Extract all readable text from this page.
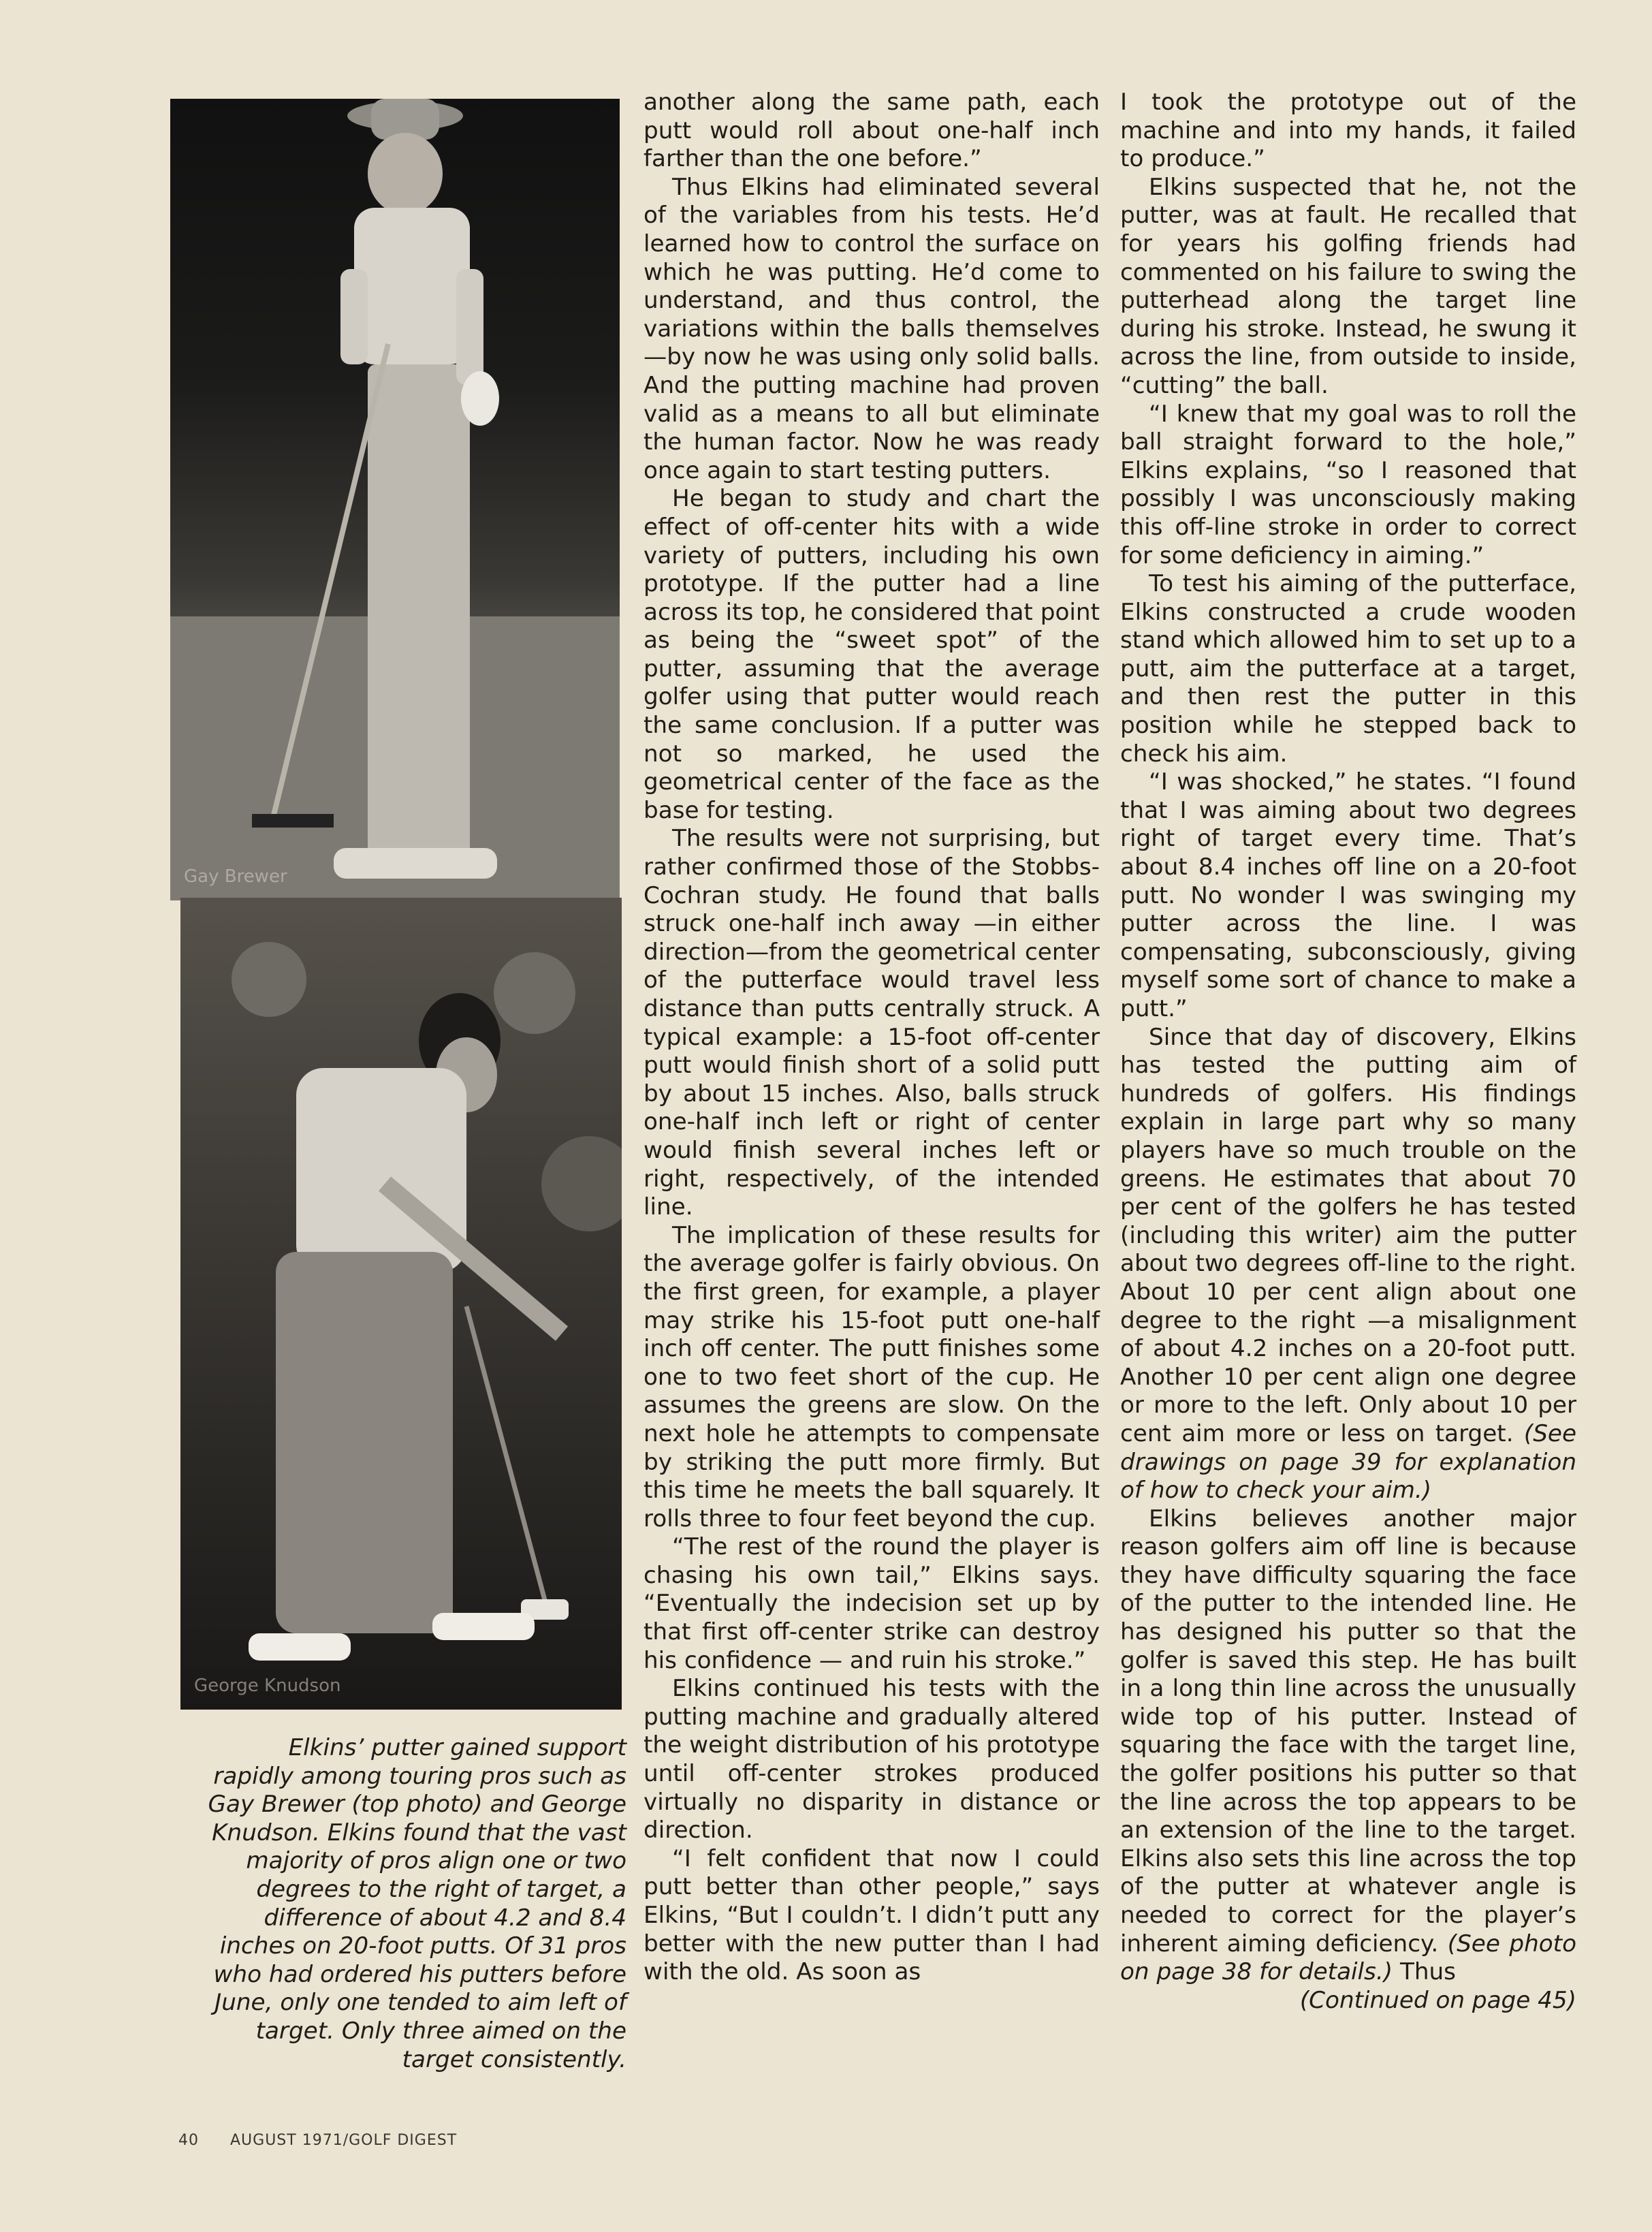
Gay Brewer
George Knudson

another along the same path, each putt would roll about one-half inch farther than the one before.”

Thus Elkins had eliminated several of the variables from his tests. He’d learned how to control the surface on which he was putting. He’d come to understand, and thus control, the variations within the balls themselves—by now he was using only solid balls. And the putting machine had proven valid as a means to all but eliminate the human factor. Now he was ready once again to start testing putters.

He began to study and chart the effect of off-center hits with a wide variety of putters, including his own prototype. If the putter had a line across its top, he considered that point as being the “sweet spot” of the putter, assuming that the average golfer using that putter would reach the same conclusion. If a putter was not so marked, he used the geometrical center of the face as the base for testing.

The results were not surprising, but rather confirmed those of the Stobbs-Cochran study. He found that balls struck one-half inch away —in either direction—from the geometrical center of the putterface would travel less distance than putts centrally struck. A typical example: a 15-foot off-center putt would finish short of a solid putt by about 15 inches. Also, balls struck one-half inch left or right of center would finish several inches left or right, respectively, of the intended line.

The implication of these results for the average golfer is fairly obvious. On the first green, for example, a player may strike his 15-foot putt one-half inch off center. The putt finishes some one to two feet short of the cup. He assumes the greens are slow. On the next hole he attempts to compensate by striking the putt more firmly. But this time he meets the ball squarely. It rolls three to four feet beyond the cup.

“The rest of the round the player is chasing his own tail,” Elkins says. “Eventually the indecision set up by that first off-center strike can destroy his confidence — and ruin his stroke.”

Elkins continued his tests with the putting machine and gradually altered the weight distribution of his prototype until off-center strokes produced virtually no disparity in distance or direction.

“I felt confident that now I could putt better than other people,” says Elkins, “But I couldn’t. I didn’t putt any better with the new putter than I had with the old. As soon as

I took the prototype out of the machine and into my hands, it failed to produce.”

Elkins suspected that he, not the putter, was at fault. He recalled that for years his golfing friends had commented on his failure to swing the putterhead along the target line during his stroke. Instead, he swung it across the line, from outside to inside, “cutting” the ball.

“I knew that my goal was to roll the ball straight forward to the hole,” Elkins explains, “so I reasoned that possibly I was unconsciously making this off-line stroke in order to correct for some deficiency in aiming.”

To test his aiming of the putterface, Elkins constructed a crude wooden stand which allowed him to set up to a putt, aim the putterface at a target, and then rest the putter in this position while he stepped back to check his aim.

“I was shocked,” he states. “I found that I was aiming about two degrees right of target every time. That’s about 8.4 inches off line on a 20-foot putt. No wonder I was swinging my putter across the line. I was compensating, subconsciously, giving myself some sort of chance to make a putt.”

Since that day of discovery, Elkins has tested the putting aim of hundreds of golfers. His findings explain in large part why so many players have so much trouble on the greens. He estimates that about 70 per cent of the golfers he has tested (including this writer) aim the putter about two degrees off-line to the right. About 10 per cent align about one degree to the right —a misalignment of about 4.2 inches on a 20-foot putt. Another 10 per cent align one degree or more to the left. Only about 10 per cent aim more or less on target. (See drawings on page 39 for explanation of how to check your aim.)

Elkins believes another major reason golfers aim off line is because they have difficulty squaring the face of the putter to the intended line. He has designed his putter so that the golfer is saved this step. He has built in a long thin line across the unusually wide top of his putter. Instead of squaring the face with the target line, the golfer positions his putter so that the line across the top appears to be an extension of the line to the target. Elkins also sets this line across the top of the putter at whatever angle is needed to correct for the player’s inherent aiming deficiency. (See photo on page 38 for details.) Thus

(Continued on page 45)

Elkins’ putter gained support rapidly among touring pros such as Gay Brewer (top photo) and George Knudson. Elkins found that the vast majority of pros align one or two degrees to the right of target, a difference of about 4.2 and 8.4 inches on 20-foot putts. Of 31 pros who had ordered his putters before June, only one tended to aim left of target. Only three aimed on the target consistently.
40 AUGUST 1971/GOLF DIGEST
